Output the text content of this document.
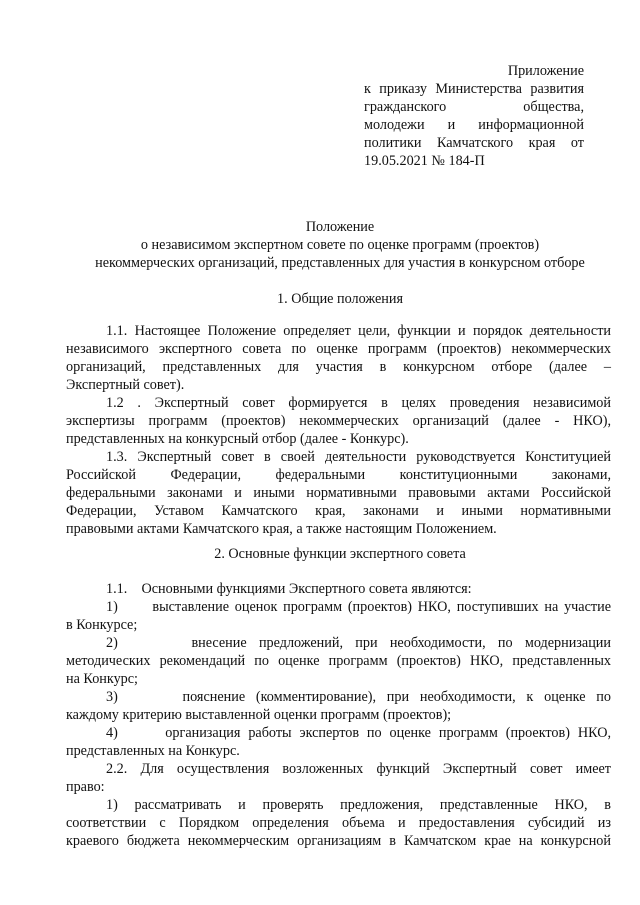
Приложение
к приказу Министерства развития
гражданского общества,
молодежи и информационной
политики Камчатского края от
19.05.2021 № 184-П
Положение
о независимом экспертном совете по оценке программ (проектов)
некоммерческих организаций, представленных для участия в конкурсном отборе
1. Общие положения
1.1. Настоящее Положение определяет цели, функции и порядок деятельности
независимого экспертного совета по оценке программ (проектов) некоммерческих
организаций, представленных для участия в конкурсном отборе (далее –
Экспертный совет).
1.2 . Экспертный совет формируется в целях проведения независимой
экспертизы программ (проектов) некоммерческих организаций (далее - НКО),
представленных на конкурсный отбор (далее - Конкурс).
1.3. Экспертный совет в своей деятельности руководствуется Конституцией
Российской Федерации, федеральными конституционными законами,
федеральными законами и иными нормативными правовыми актами Российской
Федерации, Уставом Камчатского края, законами и иными нормативными
правовыми актами Камчатского края, а также настоящим Положением.
2. Основные функции экспертного совета
1.1.    Основными функциями Экспертного совета являются:
1)      выставление оценок программ (проектов) НКО, поступивших на участие
в Конкурсе;
2)      внесение предложений, при необходимости, по модернизации
методических рекомендаций по оценке программ (проектов) НКО, представленных
на Конкурс;
3)      пояснение (комментирование), при необходимости, к оценке по
каждому критерию выставленной оценки программ (проектов);
4)      организация работы экспертов по оценке программ (проектов) НКО,
представленных на Конкурс.
2.2. Для осуществления возложенных функций Экспертный совет имеет
право:
1) рассматривать и проверять предложения, представленные НКО, в
соответствии с Порядком определения объема и предоставления субсидий из
краевого бюджета некоммерческим организациям в Камчатском крае на конкурсной
